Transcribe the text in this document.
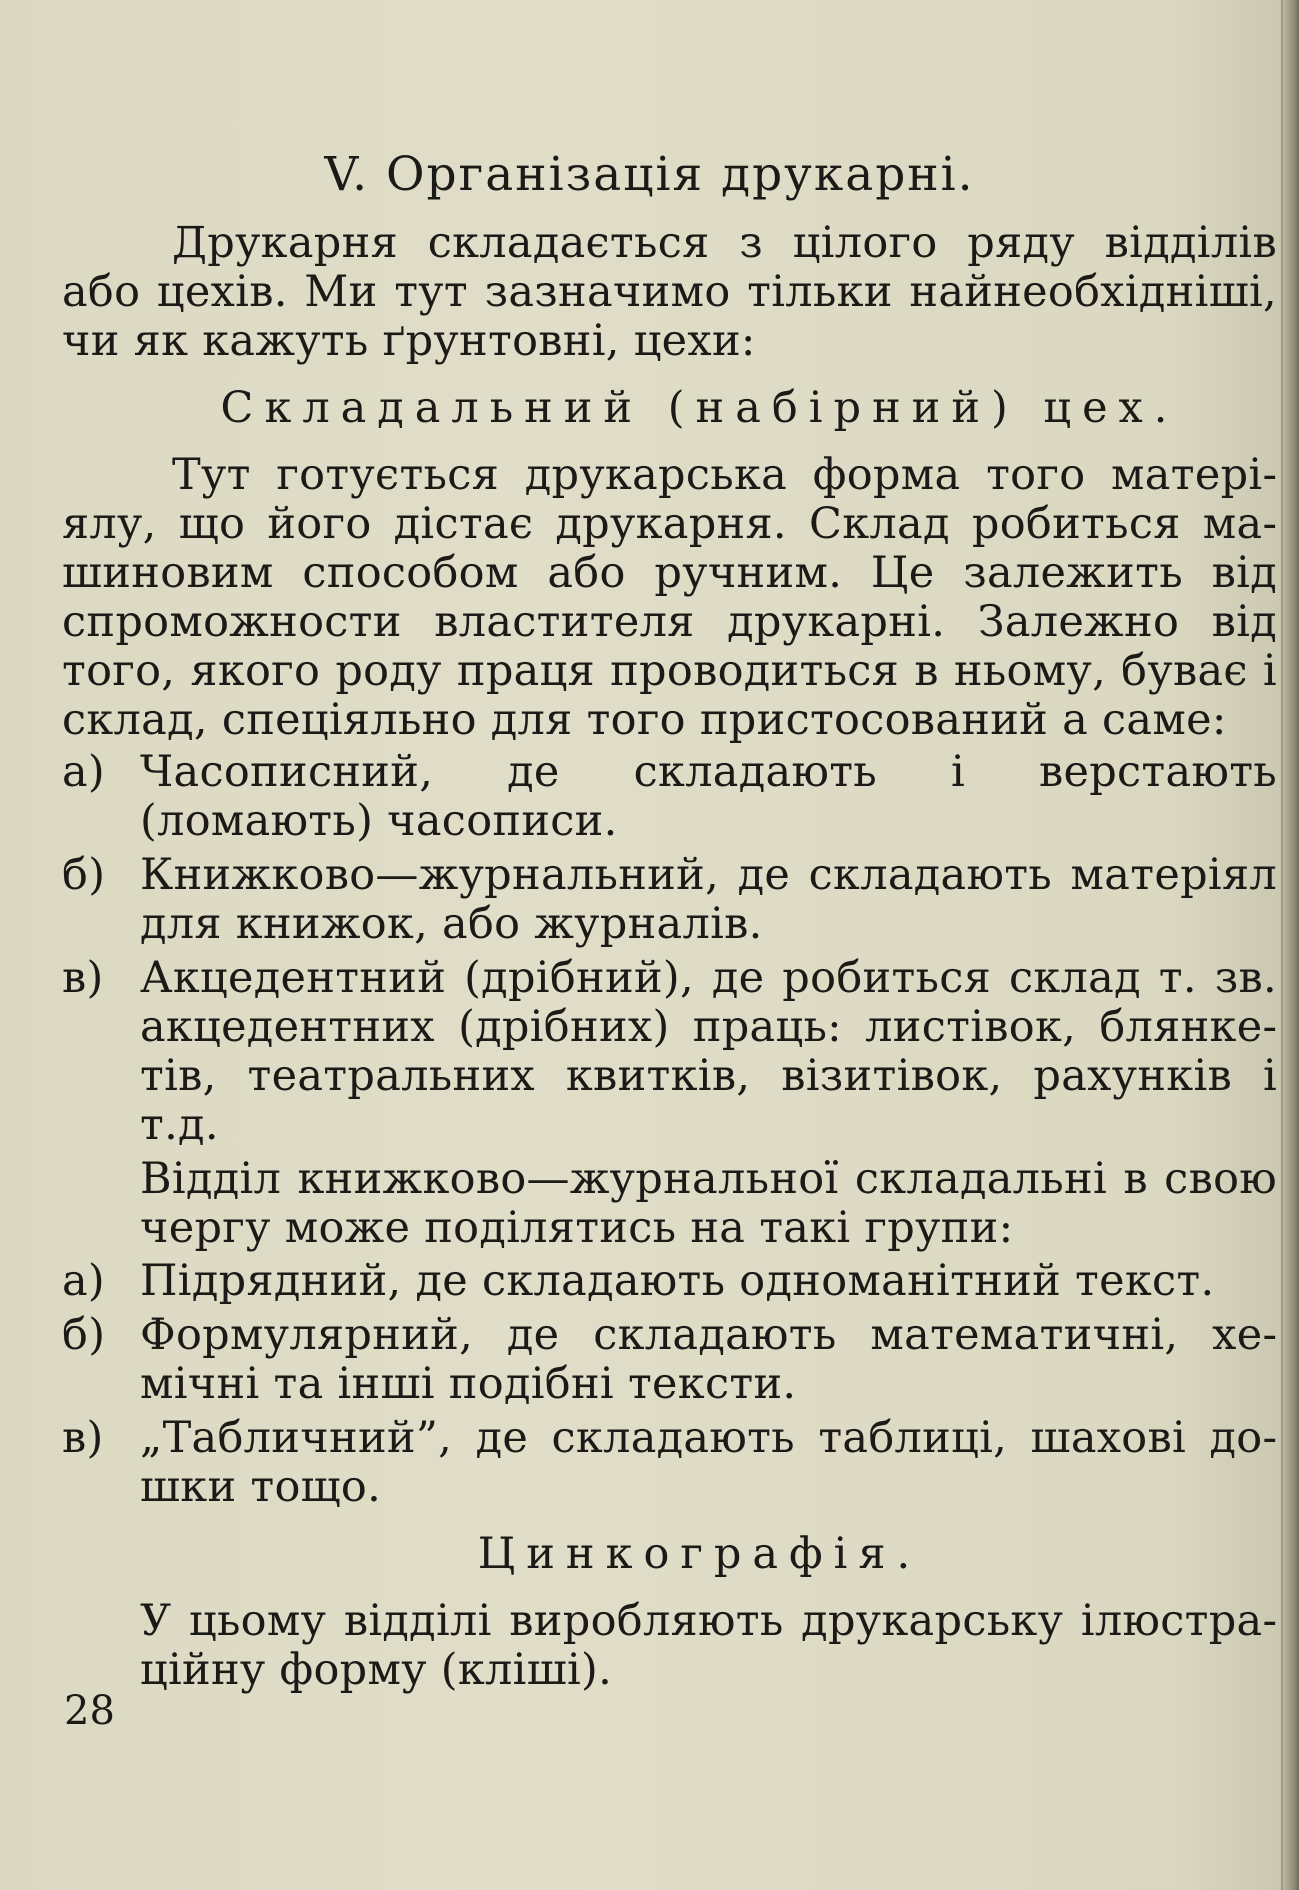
V. Організація друкарні.

Друкарня складається з цілого ряду відділів або цехів. Ми тут зазначимо тільки найнеобхідніші, чи як кажуть ґрунтовні, цехи:

Складальний (набірний) цех.

Тут готується друкарська форма того матеріялу, що його дістає друкарня. Склад робиться машиновим способом або ручним. Це залежить від спроможности властителя друкарні. Залежно від того, якого роду праця проводиться в ньому, буває і склад, спеціяльно для того пристосований а саме:

а) Часописний, де складають і верстають (ломають) часописи.
б) Книжково—журнальний, де складають матеріял для книжок, або журналів.
в) Акцедентний (дрібний), де робиться склад т. зв. акцедентних (дрібних) праць: листівок, блянкетів, театральних квитків, візитівок, рахунків і т.д.

Відділ книжково—журнальної складальні в свою чергу може поділятись на такі групи:

а) Підрядний, де складають одноманітний текст.
б) Формулярний, де складають математичні, хемічні та інші подібні тексти.
в) „Табличний”, де складають таблиці, шахові дошки тощо.
Цинкографія.

У цьому відділі виробляють друкарську ілюстраційну форму (кліші).

28
